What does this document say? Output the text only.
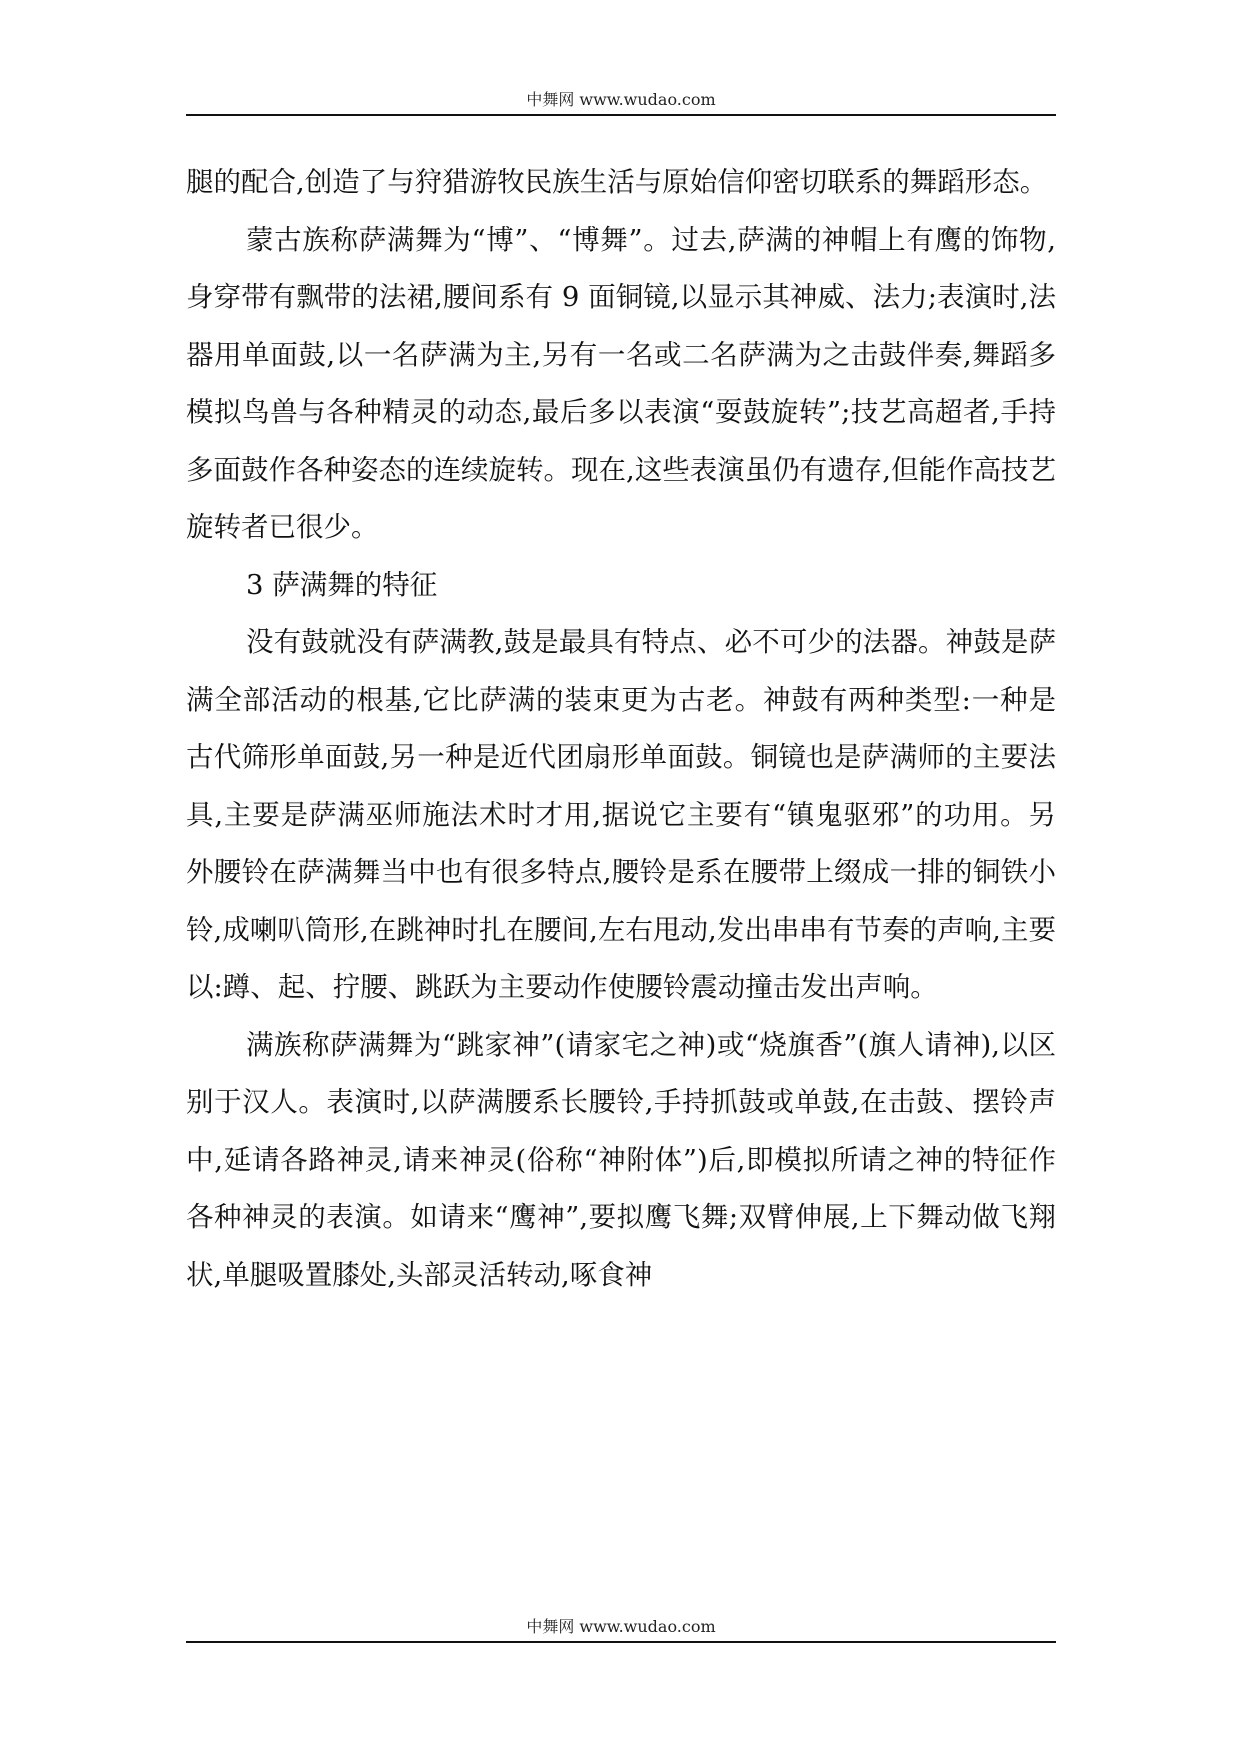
中舞网 www.wudao.com

腿的配合,创造了与狩猎游牧民族生活与原始信仰密切联系的舞蹈形态。

蒙古族称萨满舞为“博”、“博舞”。过去,萨满的神帽上有鹰的饰物,身穿带有飘带的法裙,腰间系有 9 面铜镜,以显示其神威、法力;表演时,法器用单面鼓,以一名萨满为主,另有一名或二名萨满为之击鼓伴奏,舞蹈多模拟鸟兽与各种精灵的动态,最后多以表演“耍鼓旋转”;技艺高超者,手持多面鼓作各种姿态的连续旋转。现在,这些表演虽仍有遗存,但能作高技艺旋转者已很少。

3 萨满舞的特征

没有鼓就没有萨满教,鼓是最具有特点、必不可少的法器。神鼓是萨满全部活动的根基,它比萨满的装束更为古老。神鼓有两种类型:一种是古代筛形单面鼓,另一种是近代团扇形单面鼓。铜镜也是萨满师的主要法具,主要是萨满巫师施法术时才用,据说它主要有“镇鬼驱邪”的功用。另外腰铃在萨满舞当中也有很多特点,腰铃是系在腰带上缀成一排的铜铁小铃,成喇叭筒形,在跳神时扎在腰间,左右甩动,发出串串有节奏的声响,主要以:蹲、起、拧腰、跳跃为主要动作使腰铃震动撞击发出声响。

满族称萨满舞为“跳家神”(请家宅之神)或“烧旗香”(旗人请神),以区别于汉人。表演时,以萨满腰系长腰铃,手持抓鼓或单鼓,在击鼓、摆铃声中,延请各路神灵,请来神灵(俗称“神附体”)后,即模拟所请之神的特征作各种神灵的表演。如请来“鹰神”,要拟鹰飞舞;双臂伸展,上下舞动做飞翔状,单腿吸置膝处,头部灵活转动,啄食神

中舞网 www.wudao.com
